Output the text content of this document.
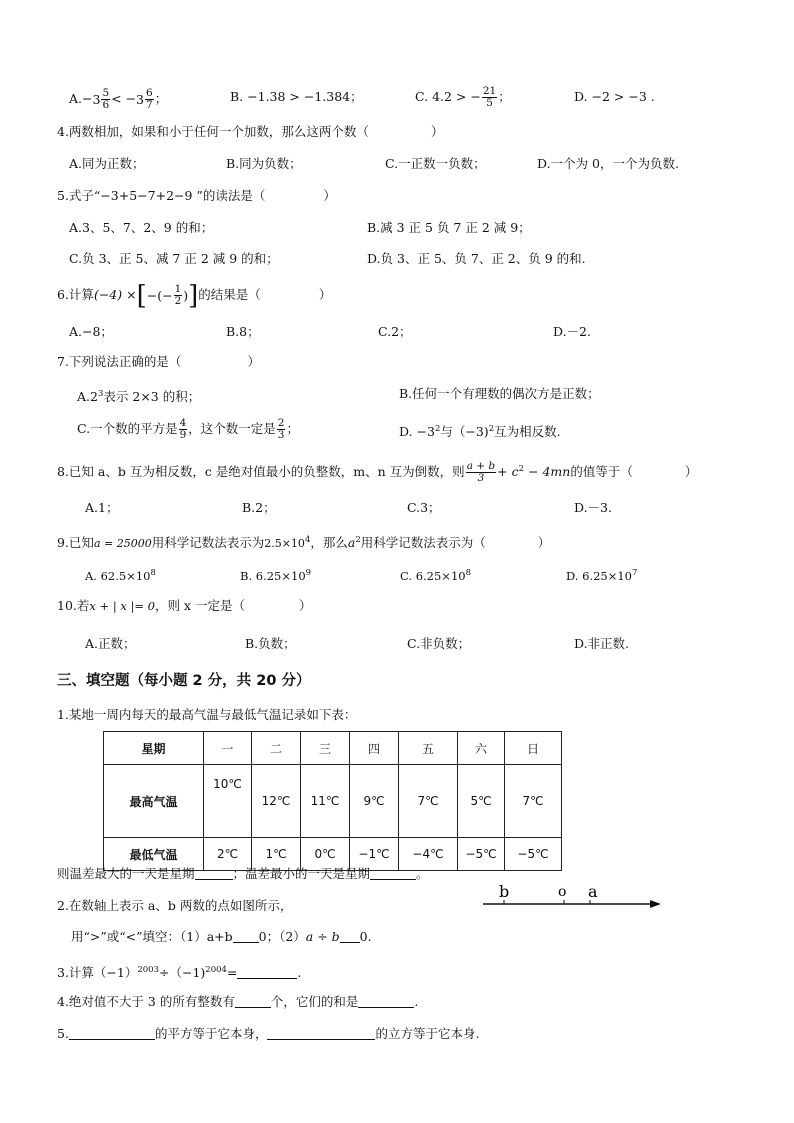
$A.- 3 \frac{5}{6}$ < − $3 \frac{6}{7}$ ；	B. −1.38 > −1.384；	C. 4.2 > − $\frac{21}{5}$ ；	D. −2 > −3 .
4.两数相加，如果和小于任何一个加数，那么这两个数（	）
A.同为正数；	B.同为负数；	C.一正数一负数；	D.一个为 0，一个为负数.
5.式子“−3+5−7+2−9 ”的读法是（	）
A.3、5、7、2、9 的和；	B.减 3 正 5 负 7 正 2 减 9；
C.负 3、正 5、减 7 正 2 减 9 的和；	D.负 3、正 5、负 7、正 2、负 9 的和.
6.计算(−4) × [ −(− $\frac{1}{2}$ ) ] 的结果是（	）
A.−8；	B.8；	C.2；	D.－2.
7.下列说法正确的是（	）
$A.2^3$表示 2×3 的积；	B.任何一个有理数的偶次方是正数；
C.一个数的平方是 $\frac{4}{9}$ ，这个数一定是 $\frac{2}{3}$ ；	D. $-3^2$与（−3)$^2$互为相反数.
8.已知 a、b 互为相反数，c 是绝对值最小的负整数，m、n 互为倒数，则 $\frac{a + b}{3} + c^2 - 4mn$的值等于（	）
A.1；	B.2；	C.3；	D.－3.
9.已知a = 25000用科学记数法表示为$2.5\times 10^4$，那么$a^2$用科学记数法表示为（	）
A. $62.5\times 10^8$	B. $6.25\times 10^9$	C. $6.25\times 10^8$	D. $6.25\times 10^7$
10.若x + | x |= 0，则 x 一定是（	）
A.正数；	B.负数；	C.非负数；	D.非正数.
三、填空题（每小题 2 分，共 20 分）
1.某地一周内每天的最高气温与最低气温记录如下表：
星期	一	二	三	四	五	六	日
最高气温	10℃	12℃	11℃	9℃	7℃	5℃	7℃
最低气温	2℃	1℃	0℃	−1℃	−4℃	−5℃	−5℃
则温差最大的一天是星期	；温差最小的一天是星期	。
2.在数轴上表示 a、b 两数的点如图所示，
用“>”或“<”填空：（1）a+b 0；（2）a ÷ b 0.
b	o a
3.计算$(-1)^{2003}\div(-1)^{2004}=$	.
4.绝对值不大于 3 的所有整数有	个，它们的和是	.
5.	的平方等于它本身，	的立方等于它本身.
